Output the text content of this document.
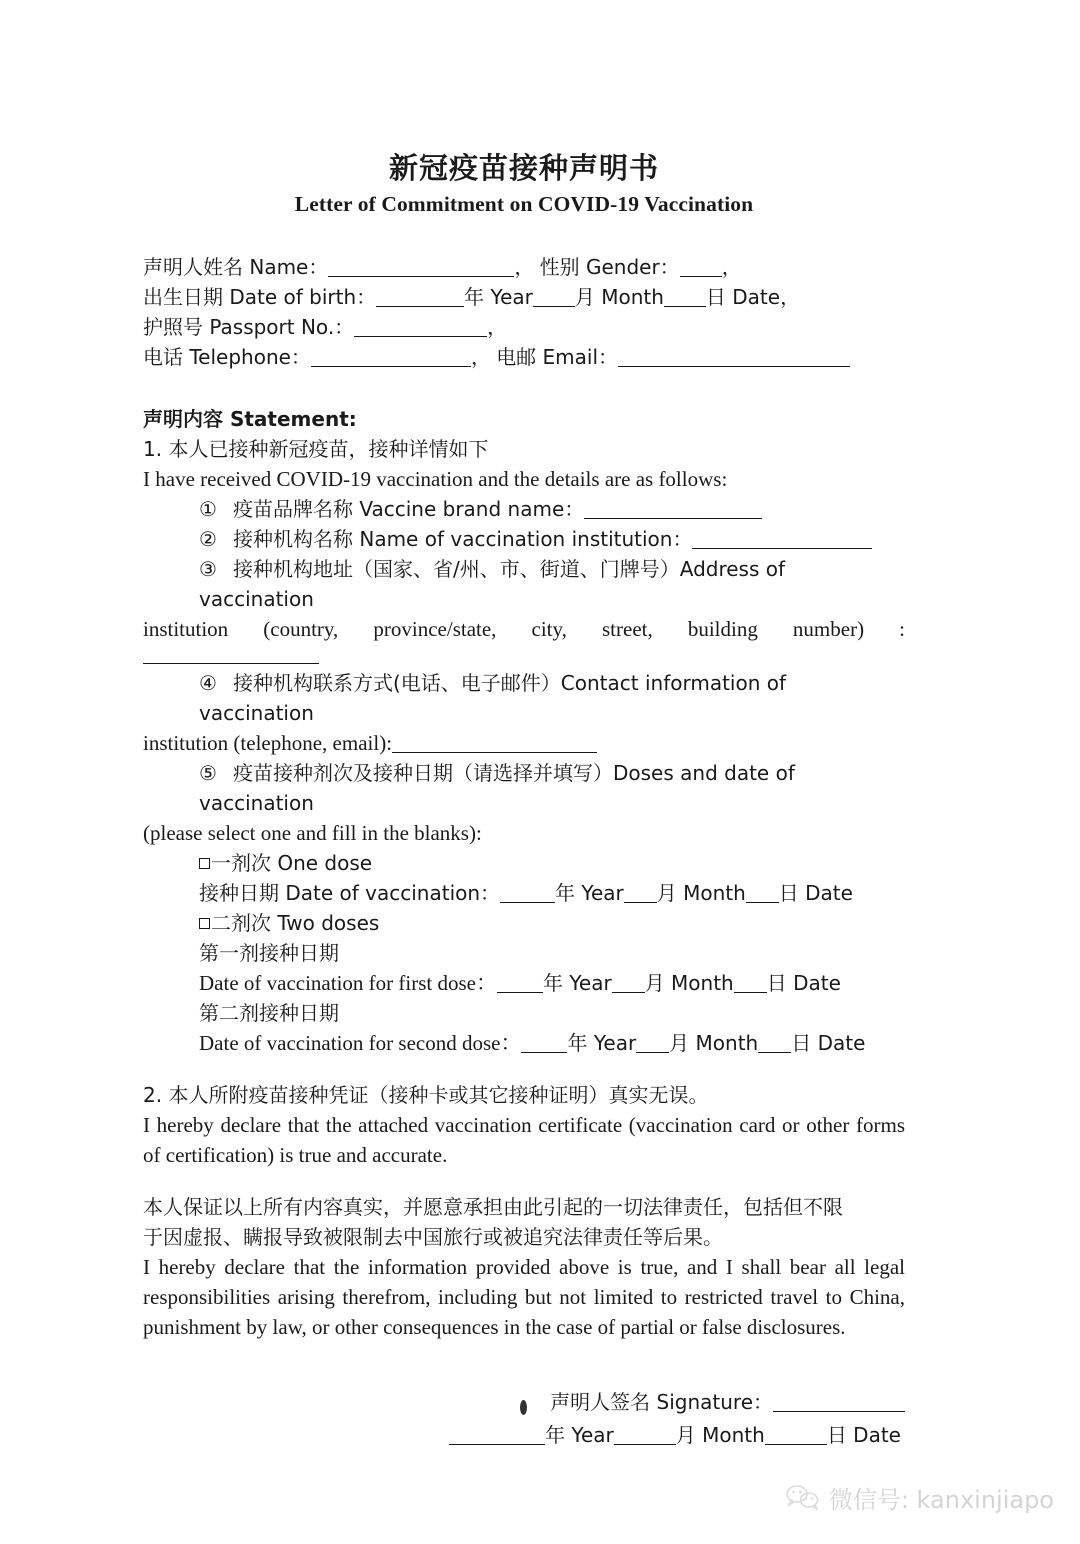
新冠疫苗接种声明书
Letter of Commitment on COVID-19 Vaccination
声明人姓名 Name：	， 性别 Gender： ，
出生日期 Date of birth：	年 Year 月 Month 日 Date，
护照号 Passport No.：	，
电话 Telephone：	， 电邮 Email：
声明内容 Statement:
1. 本人已接种新冠疫苗，接种详情如下
I have received COVID-19 vaccination and the details are as follows:
① 疫苗品牌名称 Vaccine brand name：
② 接种机构名称 Name of vaccination institution：
③ 接种机构地址（国家、省/州、市、街道、门牌号）Address of vaccination
institution (country, province/state, city, street, building number) :
④ 接种机构联系方式(电话、电子邮件）Contact information of vaccination
institution (telephone, email):
⑤ 疫苗接种剂次及接种日期（请选择并填写）Doses and date of vaccination
(please select one and fill in the blanks):
一剂次 One dose
接种日期 Date of vaccination：	年 Year 月 Month 日 Date
二剂次 Two doses
第一剂接种日期
Date of vaccination for first dose： 年 Year 月 Month 日 Date
第二剂接种日期
Date of vaccination for second dose： 年 Year 月 Month 日 Date
2. 本人所附疫苗接种凭证（接种卡或其它接种证明）真实无误。
I hereby declare that the attached vaccination certificate (vaccination card or other forms of certification) is true and accurate.
本人保证以上所有内容真实，并愿意承担由此引起的一切法律责任，包括但不限
于因虚报、瞒报导致被限制去中国旅行或被追究法律责任等后果。
I hereby declare that the information provided above is true, and I shall bear all legal responsibilities arising therefrom, including but not limited to restricted travel to China, punishment by law, or other consequences in the case of partial or false disclosures.
声明人签名 Signature：
年 Year	月 Month	日 Date
微信号: kanxinjiapo
